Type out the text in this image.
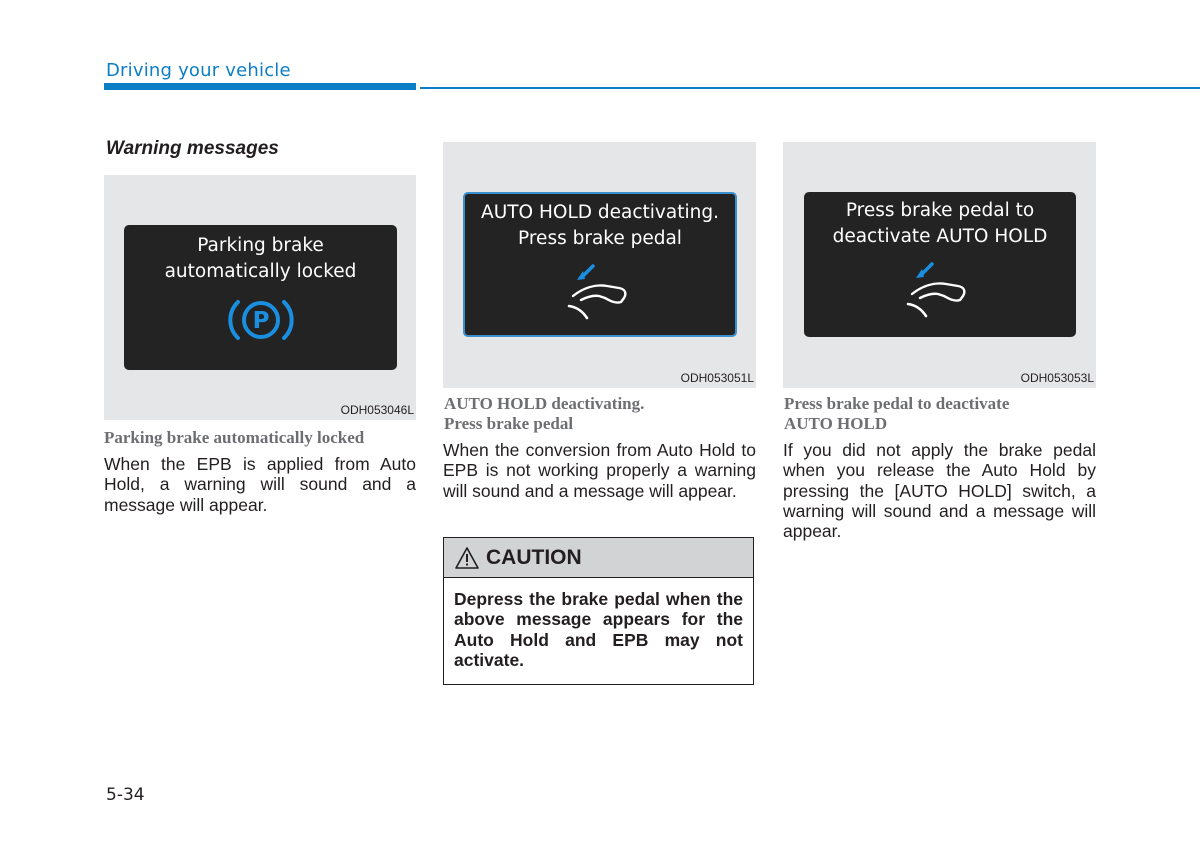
Driving your vehicle
Warning messages
Parking brake
automatically locked
P
ODH053046L
Parking brake automatically locked
When the EPB is applied from Auto Hold, a warning will sound and a message will appear.
AUTO HOLD deactivating.
Press brake pedal
ODH053051L
AUTO HOLD deactivating.
Press brake pedal
When the conversion from Auto Hold to EPB is not working properly a warning will sound and a message will appear.
CAUTION
Depress the brake pedal when the above message appears for the Auto Hold and EPB may not activate.
Press brake pedal to
deactivate AUTO HOLD
ODH053053L
Press brake pedal to deactivate
AUTO HOLD
If you did not apply the brake pedal when you release the Auto Hold by pressing the [AUTO HOLD] switch, a warning will sound and a message will appear.
5-34
